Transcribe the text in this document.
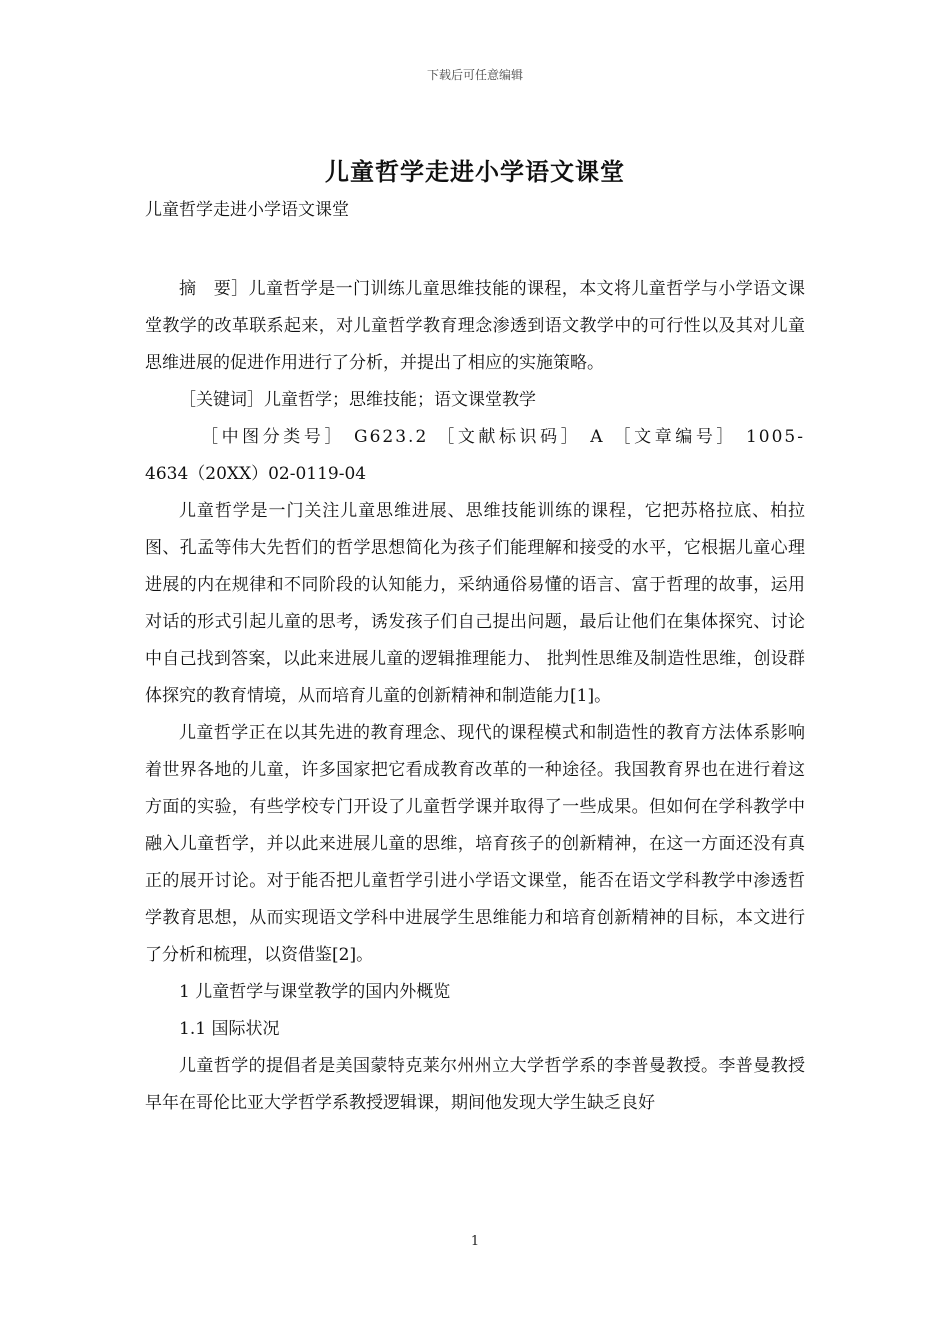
下载后可任意编辑
儿童哲学走进小学语文课堂

儿童哲学走进小学语文课堂

摘　要］儿童哲学是一门训练儿童思维技能的课程，本文将儿童哲学与小学语文课堂教学的改革联系起来，对儿童哲学教育理念渗透到语文教学中的可行性以及其对儿童思维进展的促进作用进行了分析，并提出了相应的实施策略。

［关键词］儿童哲学；思维技能；语文课堂教学

［中图分类号］ G623.2 ［文献标识码］ A ［文章编号］ 1005-

4634（20XX）02-0119-04

儿童哲学是一门关注儿童思维进展、思维技能训练的课程，它把苏格拉底、柏拉图、孔孟等伟大先哲们的哲学思想简化为孩子们能理解和接受的水平，它根据儿童心理进展的内在规律和不同阶段的认知能力，采纳通俗易懂的语言、富于哲理的故事，运用对话的形式引起儿童的思考，诱发孩子们自己提出问题，最后让他们在集体探究、讨论中自己找到答案，以此来进展儿童的逻辑推理能力、 批判性思维及制造性思维，创设群体探究的教育情境，从而培育儿童的创新精神和制造能力[1]。

儿童哲学正在以其先进的教育理念、现代的课程模式和制造性的教育方法体系影响着世界各地的儿童，许多国家把它看成教育改革的一种途径。我国教育界也在进行着这方面的实验，有些学校专门开设了儿童哲学课并取得了一些成果。但如何在学科教学中融入儿童哲学，并以此来进展儿童的思维，培育孩子的创新精神，在这一方面还没有真正的展开讨论。对于能否把儿童哲学引进小学语文课堂，能否在语文学科教学中渗透哲学教育思想，从而实现语文学科中进展学生思维能力和培育创新精神的目标，本文进行了分析和梳理，以资借鉴[2]。

1 儿童哲学与课堂教学的国内外概览

1.1 国际状况

儿童哲学的提倡者是美国蒙特克莱尔州州立大学哲学系的李普曼教授。李普曼教授早年在哥伦比亚大学哲学系教授逻辑课，期间他发现大学生缺乏良好

1
